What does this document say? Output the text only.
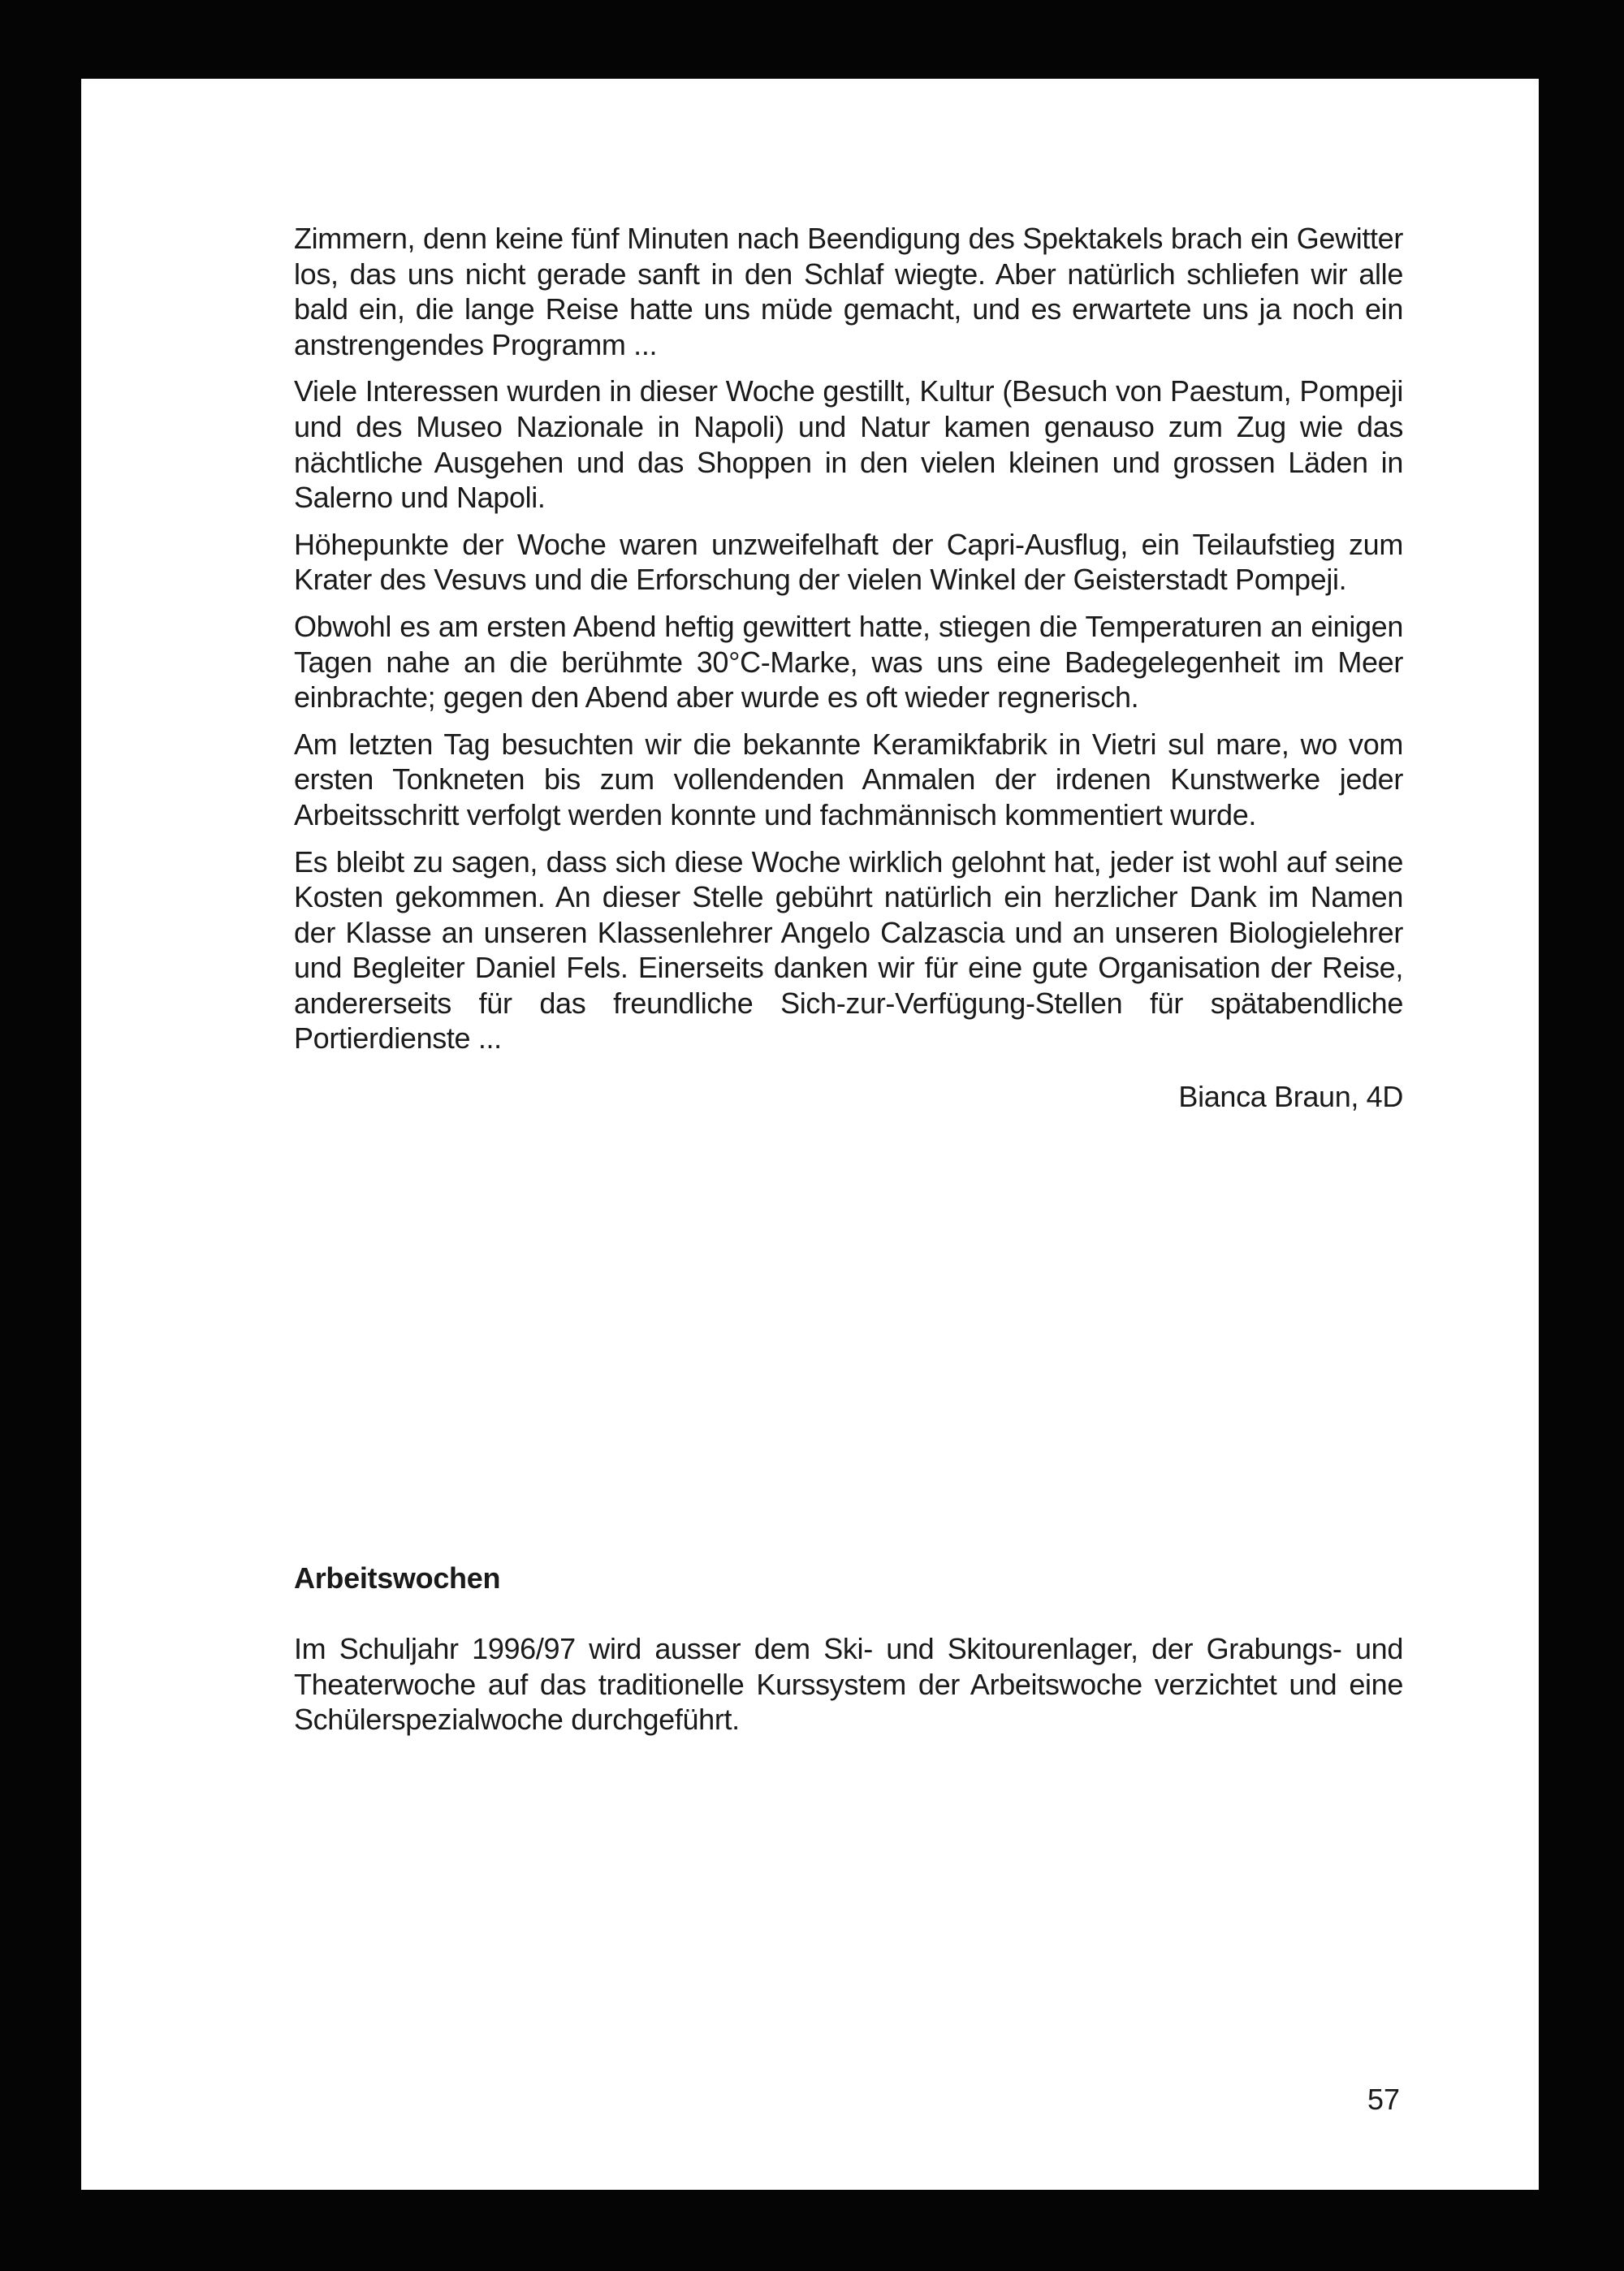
Zimmern, denn keine fünf Minuten nach Beendigung des Spektakels brach ein Gewitter los, das uns nicht gerade sanft in den Schlaf wiegte. Aber natürlich schliefen wir alle bald ein, die lange Reise hatte uns müde gemacht, und es erwartete uns ja noch ein anstrengendes Programm ...

Viele Interessen wurden in dieser Woche gestillt, Kultur (Besuch von Paestum, Pompeji und des Museo Nazionale in Napoli) und Natur kamen genauso zum Zug wie das nächtliche Ausgehen und das Shoppen in den vielen kleinen und grossen Läden in Salerno und Napoli.

Höhepunkte der Woche waren unzweifelhaft der Capri-Ausflug, ein Teilaufstieg zum Krater des Vesuvs und die Erforschung der vielen Winkel der Geisterstadt Pompeji.

Obwohl es am ersten Abend heftig gewittert hatte, stiegen die Temperaturen an einigen Tagen nahe an die berühmte 30°C-Marke, was uns eine Badegelegenheit im Meer einbrachte; gegen den Abend aber wurde es oft wieder regnerisch.

Am letzten Tag besuchten wir die bekannte Keramikfabrik in Vietri sul mare, wo vom ersten Tonkneten bis zum vollendenden Anmalen der irdenen Kunstwerke jeder Arbeitsschritt verfolgt werden konnte und fachmännisch kommentiert wurde.

Es bleibt zu sagen, dass sich diese Woche wirklich gelohnt hat, jeder ist wohl auf seine Kosten gekommen. An dieser Stelle gebührt natürlich ein herzlicher Dank im Namen der Klasse an unseren Klassenlehrer Angelo Calzascia und an unseren Biologielehrer und Begleiter Daniel Fels. Einerseits danken wir für eine gute Organisation der Reise, andererseits für das freundliche Sich-zur-Verfügung-Stellen für spätabendliche Portierdienste ...

Bianca Braun, 4D
Arbeitswochen

Im Schuljahr 1996/97 wird ausser dem Ski- und Skitourenlager, der Grabungs- und Theaterwoche auf das traditionelle Kurssystem der Arbeitswoche verzichtet und eine Schülerspezialwoche durchgeführt.

57
